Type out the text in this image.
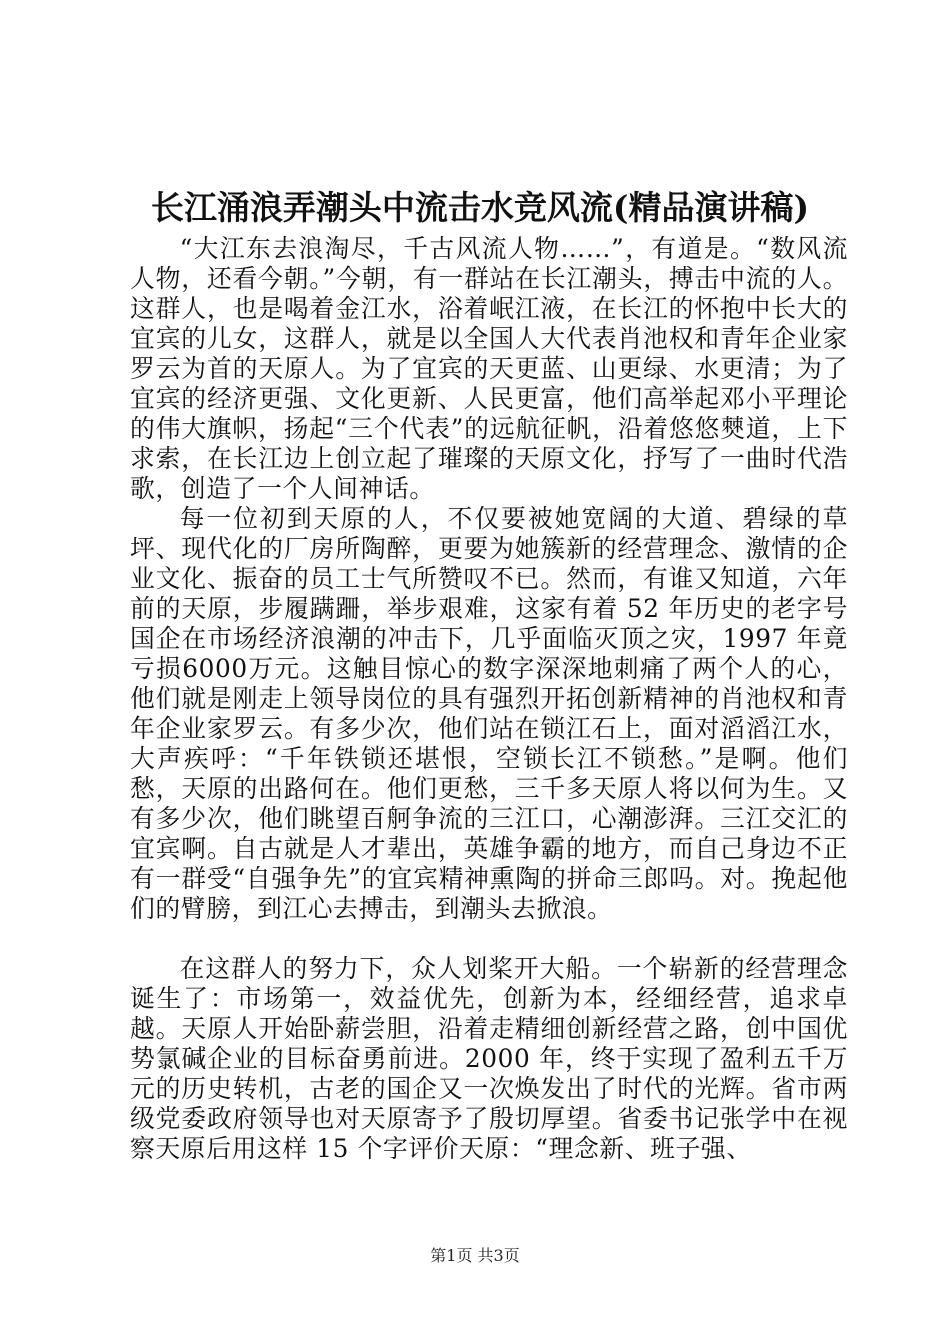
长江涌浪弄潮头中流击水竞风流(精品演讲稿)

“大江东去浪淘尽，千古风流人物……”，有道是。“数风流人物，还看今朝。”今朝，有一群站在长江潮头，搏击中流的人。这群人，也是喝着金江水，浴着岷江液，在长江的怀抱中长大的宜宾的儿女，这群人，就是以全国人大代表肖池权和青年企业家罗云为首的天原人。为了宜宾的天更蓝、山更绿、水更清；为了宜宾的经济更强、文化更新、人民更富，他们高举起邓小平理论的伟大旗帜，扬起“三个代表”的远航征帆，沿着悠悠僰道，上下求索，在长江边上创立起了璀璨的天原文化，抒写了一曲时代浩歌，创造了一个人间神话。

每一位初到天原的人，不仅要被她宽阔的大道、碧绿的草坪、现代化的厂房所陶醉，更要为她簇新的经营理念、激情的企业文化、振奋的员工士气所赞叹不已。然而，有谁又知道，六年前的天原，步履蹒跚，举步艰难，这家有着 52 年历史的老字号国企在市场经济浪潮的冲击下，几乎面临灭顶之灾，1997 年竟亏损6000万元。这触目惊心的数字深深地刺痛了两个人的心，他们就是刚走上领导岗位的具有强烈开拓创新精神的肖池权和青年企业家罗云。有多少次，他们站在锁江石上，面对滔滔江水，大声疾呼：“千年铁锁还堪恨，空锁长江不锁愁。”是啊。他们愁，天原的出路何在。他们更愁，三千多天原人将以何为生。又有多少次，他们眺望百舸争流的三江口，心潮澎湃。三江交汇的宜宾啊。自古就是人才辈出，英雄争霸的地方，而自己身边不正有一群受“自强争先”的宜宾精神熏陶的拼命三郎吗。对。挽起他们的臂膀，到江心去搏击，到潮头去掀浪。

在这群人的努力下，众人划桨开大船。一个崭新的经营理念诞生了：市场第一，效益优先，创新为本，经细经营，追求卓越。天原人开始卧薪尝胆，沿着走精细创新经营之路，创中国优势氯碱企业的目标奋勇前进。2000 年，终于实现了盈利五千万元的历史转机，古老的国企又一次焕发出了时代的光辉。省市两级党委政府领导也对天原寄予了殷切厚望。省委书记张学中在视察天原后用这样 15 个字评价天原：“理念新、班子强、

第1页 共3页
